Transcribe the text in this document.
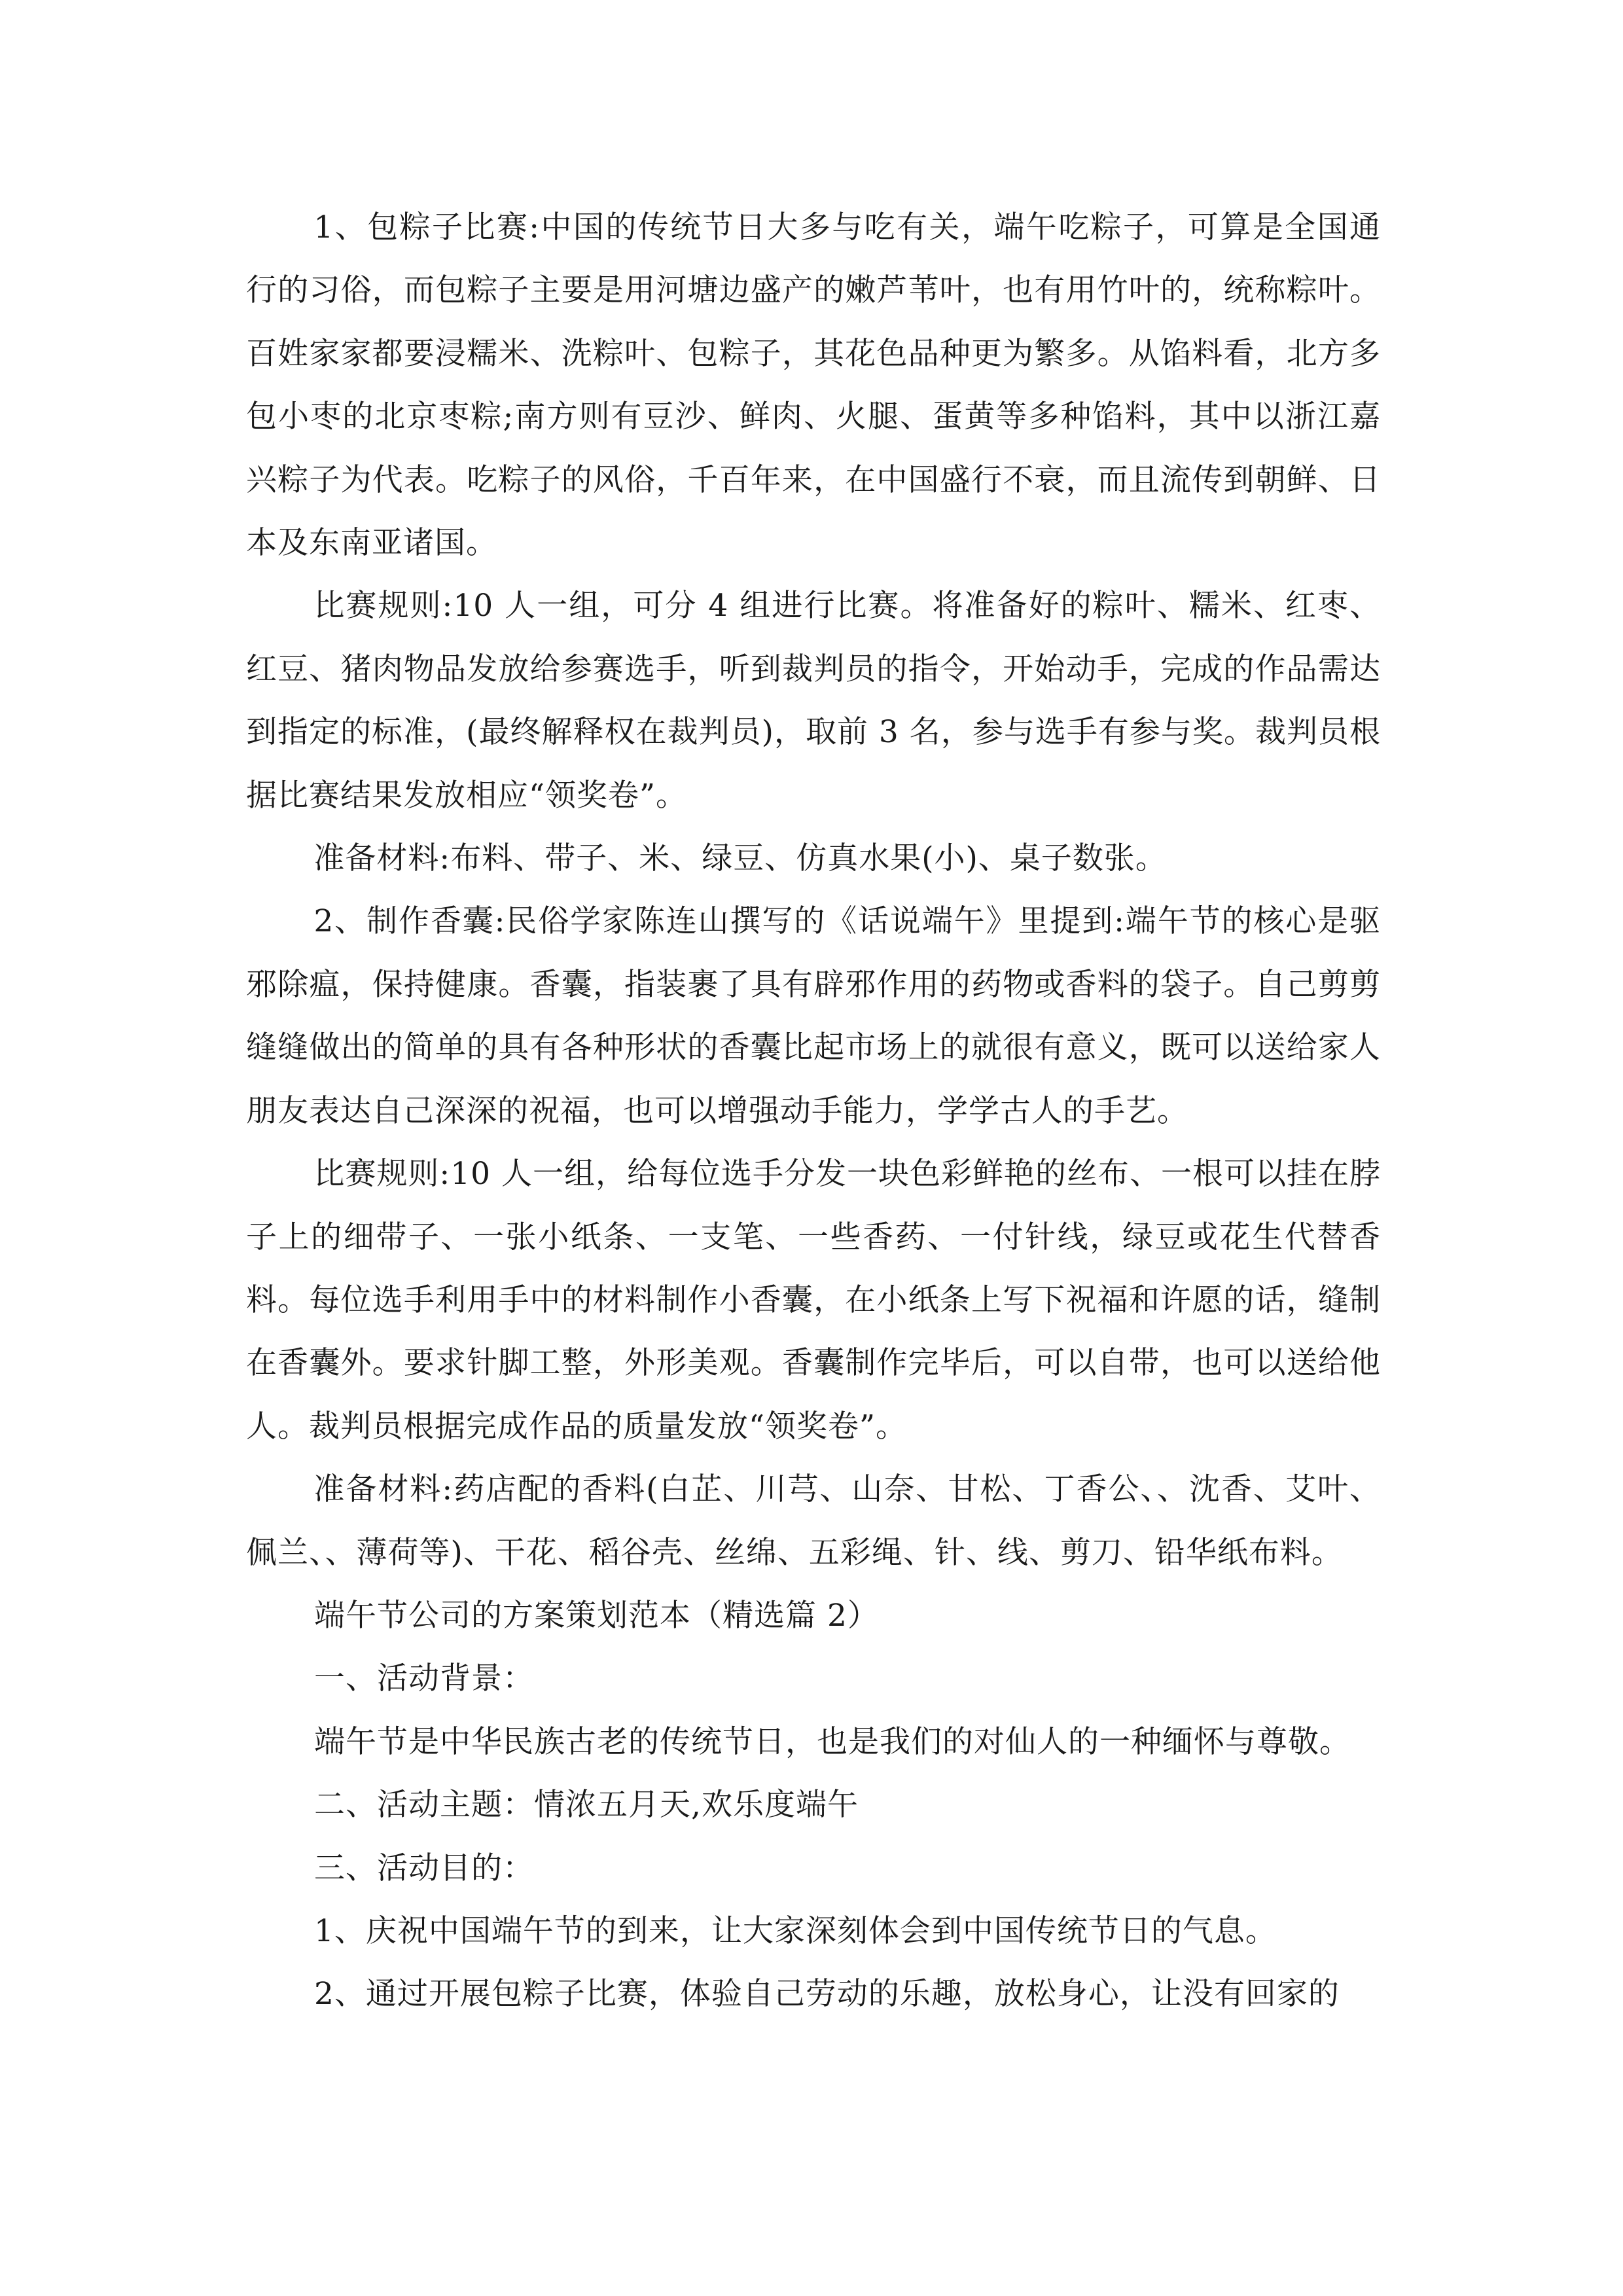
1、包粽子比赛:中国的传统节日大多与吃有关，端午吃粽子，可算是全国通行的习俗，而包粽子主要是用河塘边盛产的嫩芦苇叶，也有用竹叶的，统称粽叶。百姓家家都要浸糯米、洗粽叶、包粽子，其花色品种更为繁多。从馅料看，北方多包小枣的北京枣粽;南方则有豆沙、鲜肉、火腿、蛋黄等多种馅料，其中以浙江嘉兴粽子为代表。吃粽子的风俗，千百年来，在中国盛行不衰，而且流传到朝鲜、日本及东南亚诸国。

比赛规则:10 人一组，可分 4 组进行比赛。将准备好的粽叶、糯米、红枣、红豆、猪肉物品发放给参赛选手，听到裁判员的指令，开始动手，完成的作品需达到指定的标准，(最终解释权在裁判员)，取前 3 名，参与选手有参与奖。裁判员根据比赛结果发放相应“领奖卷”。

准备材料:布料、带子、米、绿豆、仿真水果(小)、桌子数张。

2、制作香囊:民俗学家陈连山撰写的《话说端午》里提到:端午节的核心是驱邪除瘟，保持健康。香囊，指装裹了具有辟邪作用的药物或香料的袋子。自己剪剪缝缝做出的简单的具有各种形状的香囊比起市场上的就很有意义，既可以送给家人朋友表达自己深深的祝福，也可以增强动手能力，学学古人的手艺。

比赛规则:10 人一组，给每位选手分发一块色彩鲜艳的丝布、一根可以挂在脖子上的细带子、一张小纸条、一支笔、一些香药、一付针线，绿豆或花生代替香料。每位选手利用手中的材料制作小香囊，在小纸条上写下祝福和许愿的话，缝制在香囊外。要求针脚工整，外形美观。香囊制作完毕后，可以自带，也可以送给他人。裁判员根据完成作品的质量发放“领奖卷”。

准备材料:药店配的香料(白芷、川芎、山奈、甘松、丁香公、、沈香、艾叶、佩兰、、薄荷等)、干花、稻谷壳、丝绵、五彩绳、针、线、剪刀、铅华纸布料。

端午节公司的方案策划范本（精选篇 2）

一、活动背景：

端午节是中华民族古老的传统节日，也是我们的对仙人的一种缅怀与尊敬。

二、活动主题：情浓五月天,欢乐度端午

三、活动目的：

1、庆祝中国端午节的到来，让大家深刻体会到中国传统节日的气息。

2、通过开展包粽子比赛，体验自己劳动的乐趣，放松身心，让没有回家的
